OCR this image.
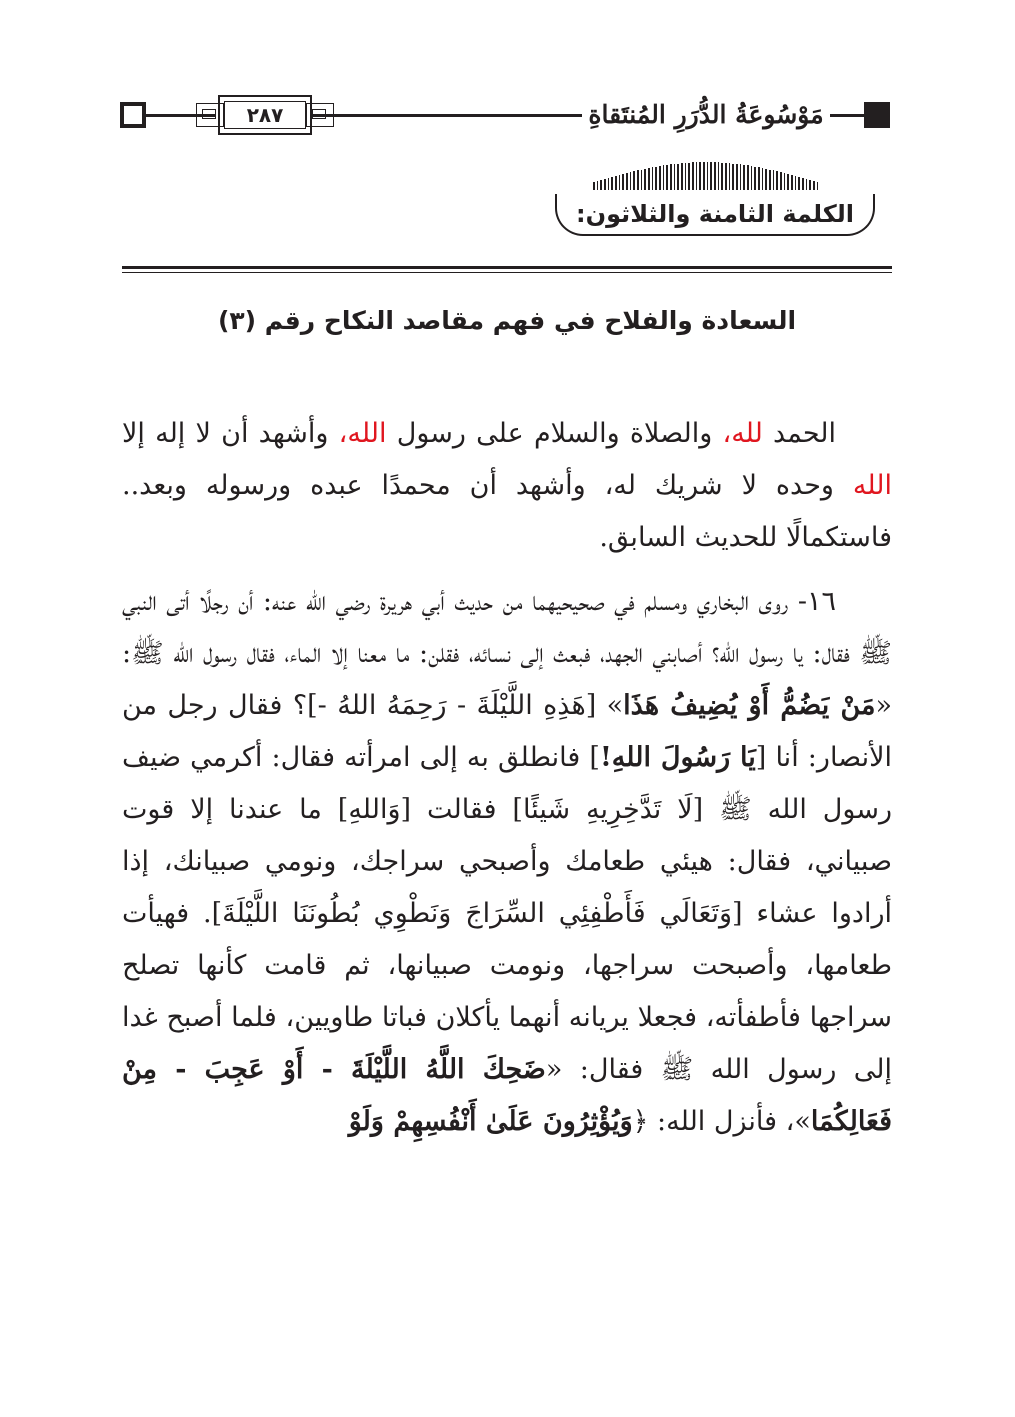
٢٨٧	مَوْسُوعَةُ الدُّرَرِ المُنتَقاةِ
الكلمة الثامنة والثلاثون:
السعادة والفلاح في فهم مقاصد النكاح رقم (٣)

الحمد لله، والصلاة والسلام على رسول الله، وأشهد أن لا إله إلا الله وحده لا شريك له، وأشهد أن محمدًا عبده ورسوله وبعد.. فاستكمالًا للحديث السابق.

١٦- روى البخاري ومسلم في صحيحيهما من حديث أبي هريرة رضي الله عنه: أن رجلًا أتى النبي ﷺ فقال: يا رسول الله؟ أصابني الجهد، فبعث إلى نسائه، فقلن: ما معنا إلا الماء، فقال رسول الله ﷺ: «مَنْ يَضُمُّ أَوْ يُضِيفُ هَذَا» [هَذِهِ اللَّيْلَةَ - رَحِمَهُ اللهُ -]؟ فقال رجل من الأنصار: أنا [يَا رَسُولَ اللهِ!] فانطلق به إلى امرأته فقال: أكرمي ضيف رسول الله ﷺ [لَا تَدَّخِرِيهِ شَيئًا] فقالت [وَاللهِ] ما عندنا إلا قوت صبياني، فقال: هيئي طعامك وأصبحي سراجك، ونومي صبيانك، إذا أرادوا عشاء [وَتَعَالَي فَأَطْفِئِي السِّرَاجَ وَنَطْوِي بُطُونَنَا اللَّيْلَةَ]. فهيأت طعامها، وأصبحت سراجها، ونومت صبيانها، ثم قامت كأنها تصلح سراجها فأطفأته، فجعلا يريانه أنهما يأكلان فباتا طاويين، فلما أصبح غدا إلى رسول الله ﷺ فقال: «ضَحِكَ اللَّهُ اللَّيْلَةَ - أَوْ عَجِبَ - مِنْ فَعَالِكُمَا»، فأنزل الله: ﴿وَيُؤْثِرُونَ عَلَىٰ أَنْفُسِهِمْ وَلَوْ
